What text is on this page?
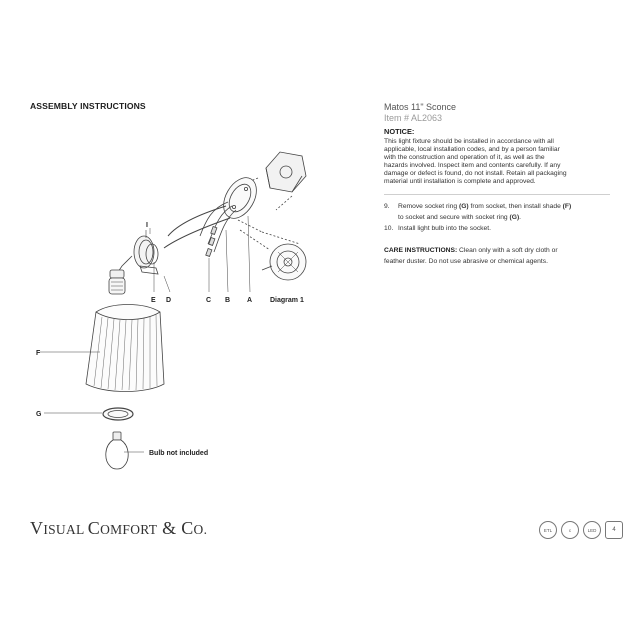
ASSEMBLY INSTRUCTIONS	Matos 11" Sconce
Item # AL2063
NOTICE:
This light fixture should be installed in accordance with all
applicable, local installation codes, and by a person familiar
with the construction and operation of it, as well as the
hazards involved. Inspect item and contents carefully. If any
damage or defect is found, do not install. Retain all packaging
material until installation is complete and approved.
9.	Remove socket ring (G) from socket, then install shade (F)
to socket and secure with socket ring (G).
10. Install light bulb into the socket.
CARE INSTRUCTIONS: Clean only with a soft dry cloth or
feather duster. Do not use abrasive or chemical agents.
I
E D	C B A	Diagram 1
F
G
Bulb not included
VISUAL COMFORT & CO.	ETL	c	LED	4
